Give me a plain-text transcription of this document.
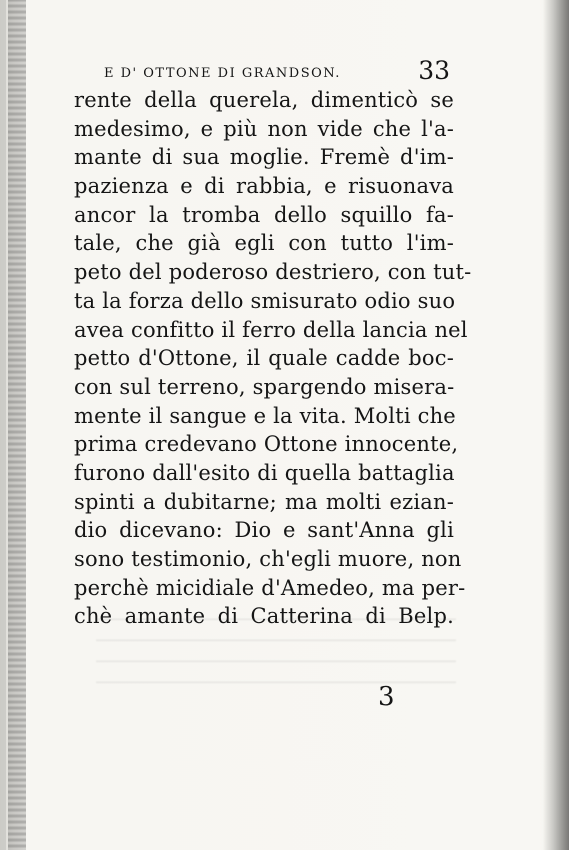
E D' OTTONE DI GRANDSON.	33
rente della querela, dimenticò se
medesimo, e più non vide che l'a-
mante di sua moglie. Fremè d'im-
pazienza e di rabbia, e risuonava
ancor la tromba dello squillo fa-
tale, che già egli con tutto l'im-
peto del poderoso destriero, con tut-
ta la forza dello smisurato odio suo
avea confitto il ferro della lancia nel
petto d'Ottone, il quale cadde boc-
con sul terreno, spargendo misera-
mente il sangue e la vita. Molti che
prima credevano Ottone innocente,
furono dall'esito di quella battaglia
spinti a dubitarne; ma molti ezian-
dio dicevano: Dio e sant'Anna gli
sono testimonio, ch'egli muore, non
perchè micidiale d'Amedeo, ma per-
chè amante di Catterina di Belp.
3
